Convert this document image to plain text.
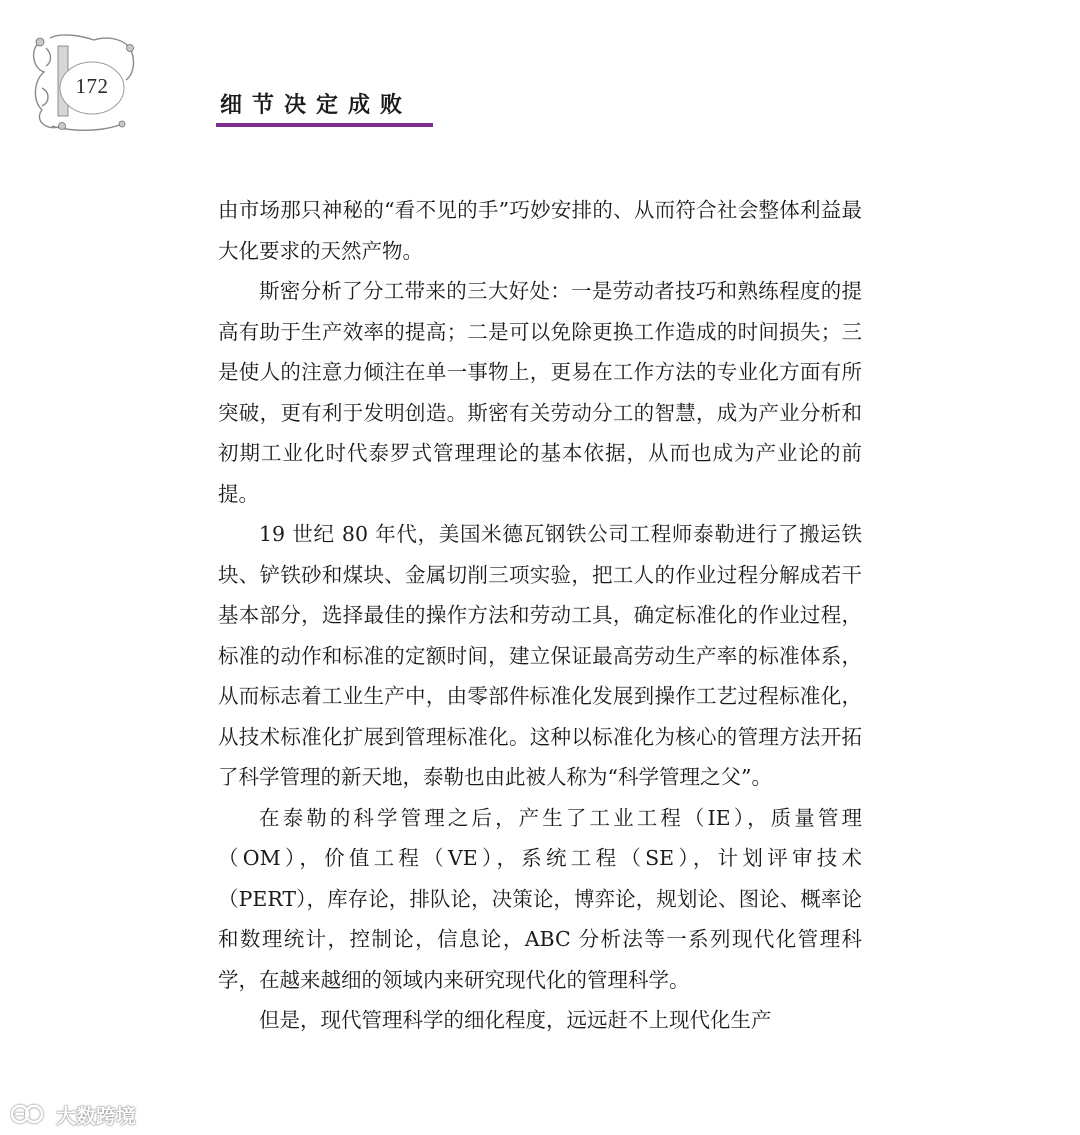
172
细节决定成败

由市场那只神秘的“看不见的手”巧妙安排的、从而符合社会整体利益最大化要求的天然产物。

斯密分析了分工带来的三大好处：一是劳动者技巧和熟练程度的提高有助于生产效率的提高；二是可以免除更换工作造成的时间损失；三是使人的注意力倾注在单一事物上，更易在工作方法的专业化方面有所突破，更有利于发明创造。斯密有关劳动分工的智慧，成为产业分析和初期工业化时代泰罗式管理理论的基本依据，从而也成为产业论的前提。

19 世纪 80 年代，美国米德瓦钢铁公司工程师泰勒进行了搬运铁块、铲铁砂和煤块、金属切削三项实验，把工人的作业过程分解成若干基本部分，选择最佳的操作方法和劳动工具，确定标准化的作业过程，标准的动作和标准的定额时间，建立保证最高劳动生产率的标准体系，从而标志着工业生产中，由零部件标准化发展到操作工艺过程标准化，从技术标准化扩展到管理标准化。这种以标准化为核心的管理方法开拓了科学管理的新天地，泰勒也由此被人称为“科学管理之父”。

在泰勒的科学管理之后，产生了工业工程（IE），质量管理（OM），价值工程（VE），系统工程（SE），计划评审技术（PERT），库存论，排队论，决策论，博弈论，规划论、图论、概率论和数理统计，控制论，信息论，ABC 分析法等一系列现代化管理科学，在越来越细的领域内来研究现代化的管理科学。

但是，现代管理科学的细化程度，远远赶不上现代化生产

大数跨境
